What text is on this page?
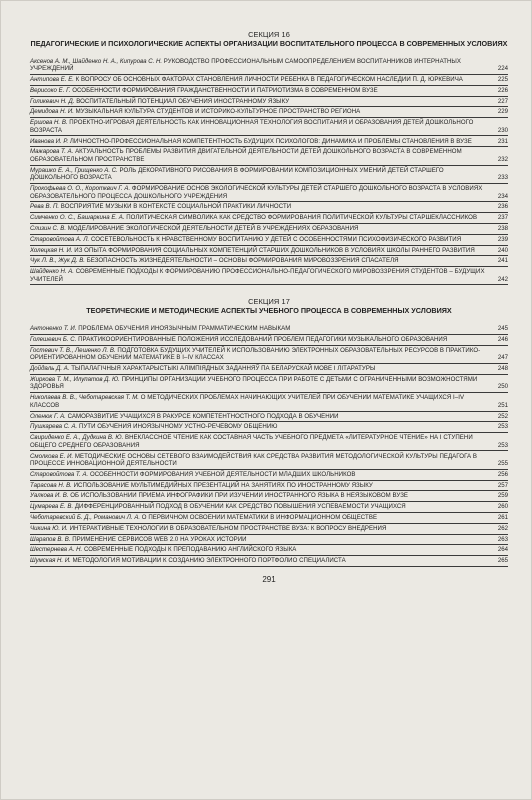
СЕКЦИЯ 16
ПЕДАГОГИЧЕСКИЕ И ПСИХОЛОГИЧЕСКИЕ АСПЕКТЫ ОРГАНИЗАЦИИ ВОСПИТАТЕЛЬНОГО ПРОЦЕССА В СОВРЕМЕННЫХ УСЛОВИЯХ
Аксенов А. М., Шайденко Н. А., Кипурова С. Н. РУКОВОДСТВО ПРОФЕССИОНАЛЬНЫМ САМООПРЕДЕЛЕНИЕМ ВОСПИТАННИКОВ ИНТЕРНАТНЫХ УЧРЕЖДЕНИЙ	224
Антипова Е. Е. К ВОПРОСУ ОБ ОСНОВНЫХ ФАКТОРАХ СТАНОВЛЕНИЯ ЛИЧНОСТИ РЕБЕНКА В ПЕДАГОГИЧЕСКОМ НАСЛЕДИИ П. Д. ЮРКЕВИЧА	225
Верисоко Е. Г. ОСОБЕННОСТИ ФОРМИРОВАНИЯ ГРАЖДАНСТВЕННОСТИ И ПАТРИОТИЗМА В СОВРЕМЕННОМ ВУЗЕ	226
Голикевич Н. Д. ВОСПИТАТЕЛЬНЫЙ ПОТЕНЦИАЛ ОБУЧЕНИЯ ИНОСТРАННОМУ ЯЗЫКУ	227
Демидова Н. И. МУЗЫКАЛЬНАЯ КУЛЬТУРА СТУДЕНТОВ И ИСТОРИКО-КУЛЬТУРНОЕ ПРОСТРАНСТВО РЕГИОНА	229
Ершова Н. В. ПРОЕКТНО-ИГРОВАЯ ДЕЯТЕЛЬНОСТЬ КАК ИННОВАЦИОННАЯ ТЕХНОЛОГИЯ ВОСПИТАНИЯ И ОБРАЗОВАНИЯ ДЕТЕЙ ДОШКОЛЬНОГО ВОЗРАСТА	230
Иванова И. Р. ЛИЧНОСТНО-ПРОФЕССИОНАЛЬНАЯ КОМПЕТЕНТНОСТЬ БУДУЩИХ ПСИХОЛОГОВ: ДИНАМИКА И ПРОБЛЕМЫ СТАНОВЛЕНИЯ В ВУЗЕ	231
Мажарова Т. А. АКТУАЛЬНОСТЬ ПРОБЛЕМЫ РАЗВИТИЯ ДВИГАТЕЛЬНОЙ ДЕЯТЕЛЬНОСТИ ДЕТЕЙ ДОШКОЛЬНОГО ВОЗРАСТА В СОВРЕМЕННОМ ОБРАЗОВАТЕЛЬНОМ ПРОСТРАНСТВЕ	232
Мурашко Е. А., Грищенко А. С. РОЛЬ ДЕКОРАТИВНОГО РИСОВАНИЯ В ФОРМИРОВАНИИ КОМПОЗИЦИОННЫХ УМЕНИЙ ДЕТЕЙ СТАРШЕГО ДОШКОЛЬНОГО ВОЗРАСТА	233
Прокофьева О. О., Коротквич Г. А. ФОРМИРОВАНИЕ ОСНОВ ЭКОЛОГИЧЕСКОЙ КУЛЬТУРЫ ДЕТЕЙ СТАРШЕГО ДОШКОЛЬНОГО ВОЗРАСТА В УСЛОВИЯХ ОБРАЗОВАТЕЛЬНОГО ПРОЦЕССА ДОШКОЛЬНОГО УЧРЕЖДЕНИЯ	234
Рева В. П. ВОСПРИЯТИЕ МУЗЫКИ В КОНТЕКСТЕ СОЦИАЛЬНОЙ ПРАКТИКИ ЛИЧНОСТИ	236
Симченко О. С., Башаркина Е. А. ПОЛИТИЧЕСКАЯ СИМВОЛИКА КАК СРЕДСТВО ФОРМИРОВАНИЯ ПОЛИТИЧЕСКОЙ КУЛЬТУРЫ СТАРШЕКЛАССНИКОВ	237
Слизин С. В. МОДЕЛИРОВАНИЕ ЭКОЛОГИЧЕСКОЙ ДЕЯТЕЛЬНОСТИ ДЕТЕЙ В УЧРЕЖДЕНИЯХ ОБРАЗОВАНИЯ	238
Старовойтова А. Л. СОСЕТЕВОЛЬНОСТЬ К НРАВСТВЕННОМУ ВОСПИТАНИЮ У ДЕТЕЙ С ОСОБЕННОСТЯМИ ПСИХОФИЗИЧЕСКОГО РАЗВИТИЯ	239
Холецкая Н. И. ИЗ ОПЫТА ФОРМИРОВАНИЯ СОЦИАЛЬНЫХ КОМПЕТЕНЦИЙ СТАРШИХ ДОШКОЛЬНИКОВ В УСЛОВИЯХ ШКОЛЫ РАННЕГО РАЗВИТИЯ	240
Чук Л. В., Жук Д. В. БЕЗОПАСНОСТЬ ЖИЗНЕДЕЯТЕЛЬНОСТИ – ОСНОВЫ ФОРМИРОВАНИЯ МИРОВОЗЗРЕНИЯ СПАСАТЕЛЯ	241
Шайденко Н. А. СОВРЕМЕННЫЕ ПОДХОДЫ К ФОРМИРОВАНИЮ ПРОФЕССИОНАЛЬНО-ПЕДАГОГИЧЕСКОГО МИРОВОЗЗРЕНИЯ СТУДЕНТОВ – БУДУЩИХ УЧИТЕЛЕЙ	242
СЕКЦИЯ 17
ТЕОРЕТИЧЕСКИЕ И МЕТОДИЧЕСКИЕ АСПЕКТЫ УЧЕБНОГО ПРОЦЕССА В СОВРЕМЕННЫХ УСЛОВИЯХ
Антоненко Т. И. ПРОБЛЕМА ОБУЧЕНИЯ ИНОЯЗЫЧНЫМ ГРАММАТИЧЕСКИМ НАВЫКАМ	245
Голешевич Б. С. ПРАКТИКООРИЕНТИРОВАННЫЕ ПОЛОЖЕНИЯ ИССЛЕДОВАНИЙ ПРОБЛЕМ ПЕДАГОГИКИ МУЗЫКАЛЬНОГО ОБРАЗОВАНИЯ	246
Гостевич Т. В., Лешенко Л. В. ПОДГОТОВКА БУДУЩИХ УЧИТЕЛЕЙ К ИСПОЛЬЗОВАНИЮ ЭЛЕКТРОННЫХ ОБРАЗОВАТЕЛЬНЫХ РЕСУРСОВ В ПРАКТИКО-ОРИЕНТИРОВАННОМ ОБУЧЕНИИ МАТЕМАТИКЕ В I–IV КЛАССАХ	247
Дойдаль Д. А. ТЫПАЛАГІЧНЫЯ ХАРАКТАРЫСТЫКІ АЛІМПІЯДНЫХ ЗАДАННЯЎ ПА БЕЛАРУСКАЙ МОВЕ І ЛІТАРАТУРЫ	248
Жиркова Т. М., Илупатов Д. Ю. ПРИНЦИПЫ ОРГАНИЗАЦИИ УЧЕБНОГО ПРОЦЕССА ПРИ РАБОТЕ С ДЕТЬМИ С ОГРАНИЧЕННЫМИ ВОЗМОЖНОСТЯМИ ЗДОРОВЬЯ	250
Николаева В. В., Чеботаревская Т. М. О МЕТОДИЧЕСКИХ ПРОБЛЕМАХ НАЧИНАЮЩИХ УЧИТЕЛЕЙ ПРИ ОБУЧЕНИИ МАТЕМАТИКЕ УЧАЩИХСЯ I–IV КЛАССОВ	251
Оленюк Г. А. САМОРАЗВИТИЕ УЧАЩИХСЯ В РАКУРСЕ КОМПЕТЕНТНОСТНОГО ПОДХОДА В ОБУЧЕНИИ	252
Пушкарева С. А. ПУТИ ОБУЧЕНИЯ ИНОЯЗЫЧНОМУ УСТНО-РЕЧЕВОМУ ОБЩЕНИЮ	253
Свириденко Е. А., Дудкина В. Ю. ВНЕКЛАССНОЕ ЧТЕНИЕ КАК СОСТАВНАЯ ЧАСТЬ УЧЕБНОГО ПРЕДМЕТА «ЛИТЕРАТУРНОЕ ЧТЕНИЕ» НА I СТУПЕНИ ОБЩЕГО СРЕДНЕГО ОБРАЗОВАНИЯ	253
Смолкова Е. И. МЕТОДИЧЕСКИЕ ОСНОВЫ СЕТЕВОГО ВЗАИМОДЕЙСТВИЯ КАК СРЕДСТВА РАЗВИТИЯ МЕТОДОЛОГИЧЕСКОЙ КУЛЬТУРЫ ПЕДАГОГА В ПРОЦЕССЕ ИННОВАЦИОННОЙ ДЕЯТЕЛЬНОСТИ	255
Старовойтова Т. А. ОСОБЕННОСТИ ФОРМИРОВАНИЯ УЧЕБНОЙ ДЕЯТЕЛЬНОСТИ МЛАДШИХ ШКОЛЬНИКОВ	256
Тарасова Н. В. ИСПОЛЬЗОВАНИЕ МУЛЬТИМЕДИЙНЫХ ПРЕЗЕНТАЦИЙ НА ЗАНЯТИЯХ ПО ИНОСТРАННОМУ ЯЗЫКУ	257
Уалкова И. В. ОБ ИСПОЛЬЗОВАНИИ ПРИЕМА ИНФОГРАФИКИ ПРИ ИЗУЧЕНИИ ИНОСТРАННОГО ЯЗЫКА В НЕЯЗЫКОВОМ ВУЗЕ	259
Цумарева Е. В. ДИФФЕРЕНЦИРОВАННЫЙ ПОДХОД В ОБУЧЕНИИ КАК СРЕДСТВО ПОВЫШЕНИЯ УСПЕВАЕМОСТИ УЧАЩИХСЯ	260
Чеботаревский Б. Д., Романович Л. А. О ПЕРВИЧНОМ ОСВОЕНИИ МАТЕМАТИКИ В ИНФОРМАЦИОННОМ ОБЩЕСТВЕ	261
Чикина Ю. И. ИНТЕРАКТИВНЫЕ ТЕХНОЛОГИИ В ОБРАЗОВАТЕЛЬНОМ ПРОСТРАНСТВЕ ВУЗА: К ВОПРОСУ ВНЕДРЕНИЯ	262
Шарапов В. В. ПРИМЕНЕНИЕ СЕРВИСОВ WEB 2.0 НА УРОКАХ ИСТОРИИ	263
Шестернева А. Н. СОВРЕМЕННЫЕ ПОДХОДЫ К ПРЕПОДАВАНИЮ АНГЛИЙСКОГО ЯЗЫКА	264
Шумская Н. И. МЕТОДОЛОГИЯ МОТИВАЦИИ К СОЗДАНИЮ ЭЛЕКТРОННОГО ПОРТФОЛИО СПЕЦИАЛИСТА	265
291
